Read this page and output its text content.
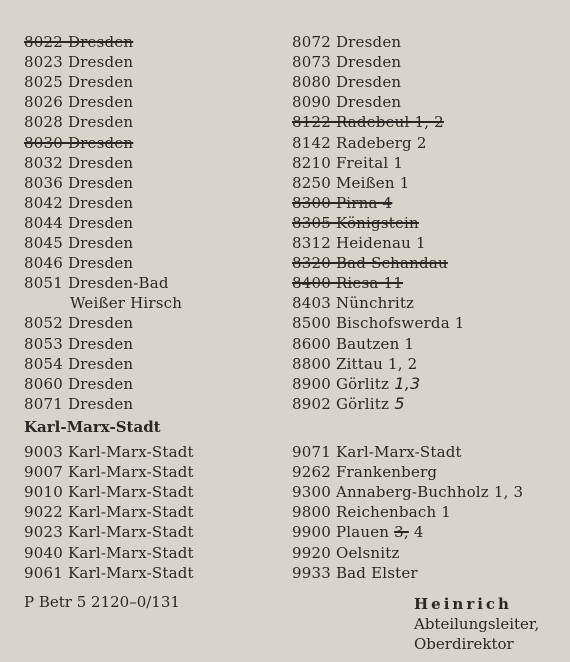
8022 Dresden
8023 Dresden
8025 Dresden
8026 Dresden
8028 Dresden
8030 Dresden
8032 Dresden
8036 Dresden
8042 Dresden
8044 Dresden
8045 Dresden
8046 Dresden
8051 Dresden-Bad
Weißer Hirsch
8052 Dresden
8053 Dresden
8054 Dresden
8060 Dresden
8071 Dresden
8072 Dresden
8073 Dresden
8080 Dresden
8090 Dresden
8122 Radebeul 1, 2
8142 Radeberg 2
8210 Freital 1
8250 Meißen 1
8300 Pirna 4
8305 Königstein
8312 Heidenau 1
8320 Bad Schandau
8400 Riesa 11
8403 Nünchritz
8500 Bischofswerda 1
8600 Bautzen 1
8800 Zittau 1, 2
8900 Görlitz 1,3
8902 Görlitz 5
Karl-Marx-Stadt
9003 Karl-Marx-Stadt
9007 Karl-Marx-Stadt
9010 Karl-Marx-Stadt
9022 Karl-Marx-Stadt
9023 Karl-Marx-Stadt
9040 Karl-Marx-Stadt
9061 Karl-Marx-Stadt
9071 Karl-Marx-Stadt
9262 Frankenberg
9300 Annaberg-Buchholz 1, 3
9800 Reichenbach 1
9900 Plauen 3, 4
9920 Oelsnitz
9933 Bad Elster
P Betr 5 2120–0/131	Heinrich
Abteilungsleiter,
Oberdirektor
